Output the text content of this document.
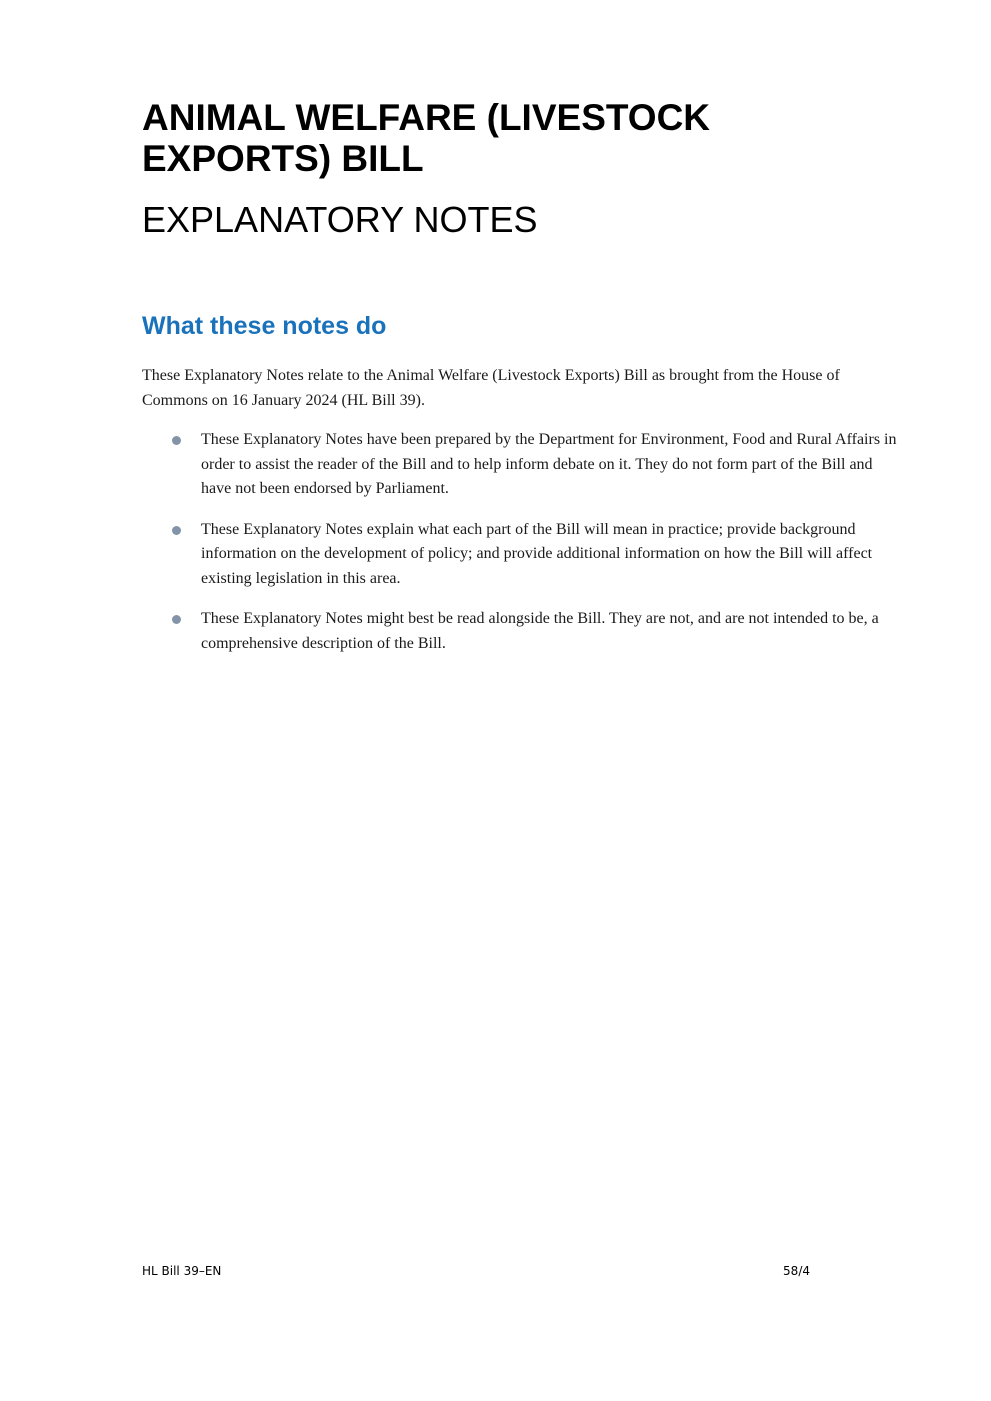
ANIMAL WELFARE (LIVESTOCK EXPORTS) BILL
EXPLANATORY NOTES
What these notes do

These Explanatory Notes relate to the Animal Welfare (Livestock Exports) Bill as brought from the House of Commons on 16 January 2024 (HL Bill 39).

These Explanatory Notes have been prepared by the Department for Environment, Food and Rural Affairs in order to assist the reader of the Bill and to help inform debate on it. They do not form part of the Bill and have not been endorsed by Parliament.
These Explanatory Notes explain what each part of the Bill will mean in practice; provide background information on the development of policy; and provide additional information on how the Bill will affect existing legislation in this area.
These Explanatory Notes might best be read alongside the Bill. They are not, and are not intended to be, a comprehensive description of the Bill.

HL Bill 39–EN	58/4
